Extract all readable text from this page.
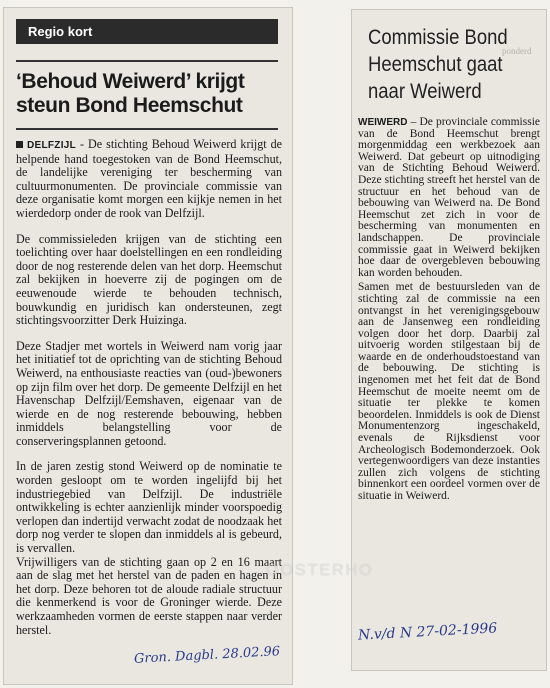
Regio kort
‘Behoud Weiwerd’ krijgt steun Bond Heemschut

DELFZIJL - De stichting Behoud Weiwerd krijgt de helpende hand toegestoken van de Bond Heemschut, de landelijke vereniging ter bescherming van cultuurmonumenten. De provinciale commissie van deze organisatie komt morgen een kijkje nemen in het wierdedorp onder de rook van Delfzijl.

De commissieleden krijgen van de stichting een toelichting over haar doelstellingen en een rondleiding door de nog resterende delen van het dorp. Heemschut zal bekijken in hoeverre zij de pogingen om de eeuwenoude wierde te behouden technisch, bouwkundig en juridisch kan ondersteunen, zegt stichtingsvoorzitter Derk Huizinga.

Deze Stadjer met wortels in Weiwerd nam vorig jaar het initiatief tot de oprichting van de stichting Behoud Weiwerd, na enthousiaste reacties van (oud-)bewoners op zijn film over het dorp. De gemeente Delfzijl en het Havenschap Delfzijl/Eemshaven, eigenaar van de wierde en de nog resterende bebouwing, hebben inmiddels belangstelling voor de conserveringsplannen getoond.

In de jaren zestig stond Weiwerd op de nominatie te worden gesloopt om te worden ingelijfd bij het industriegebied van Delfzijl. De industriële ontwikkeling is echter aanzienlijk minder voorspoedig verlopen dan indertijd verwacht zodat de noodzaak het dorp nog verder te slopen dan inmiddels al is gebeurd, is vervallen.

Vrijwilligers van de stichting gaan op 2 en 16 maart aan de slag met het herstel van de paden en hagen in het dorp. Deze behoren tot de aloude radiale structuur die kenmerkend is voor de Groninger wierde. Deze werkzaamheden vormen de eerste stappen naar verder herstel.

Gron. Dagbl. 28.02.96
ponderd
Commissie Bond Heemschut gaat naar Weiwerd

WEIWERD – De provinciale commissie van de Bond Heemschut brengt morgenmiddag een werkbezoek aan Weiwerd. Dat gebeurt op uitnodiging van de Stichting Behoud Weiwerd. Deze stichting streeft het herstel van de structuur en het behoud van de bebouwing van Weiwerd na. De Bond Heemschut zet zich in voor de bescherming van monumenten en landschappen. De provinciale commissie gaat in Weiwerd bekijken hoe daar de overgebleven bebouwing kan worden behouden.

Samen met de bestuursleden van de stichting zal de commissie na een ontvangst in het verenigingsgebouw aan de Jansenweg een rondleiding volgen door het dorp. Daarbij zal uitvoerig worden stilgestaan bij de waarde en de onderhoudstoestand van de bebouwing. De stichting is ingenomen met het feit dat de Bond Heemschut de moeite neemt om de situatie ter plekke te komen beoordelen. Inmiddels is ook de Dienst Monumentenzorg ingeschakeld, evenals de Rijksdienst voor Archeologisch Bodemonderzoek. Ook vertegenwoordigers van deze instanties zullen zich volgens de stichting binnenkort een oordeel vormen over de situatie in Weiwerd.

N.v/d N 27-02-1996
OOSTERHO
